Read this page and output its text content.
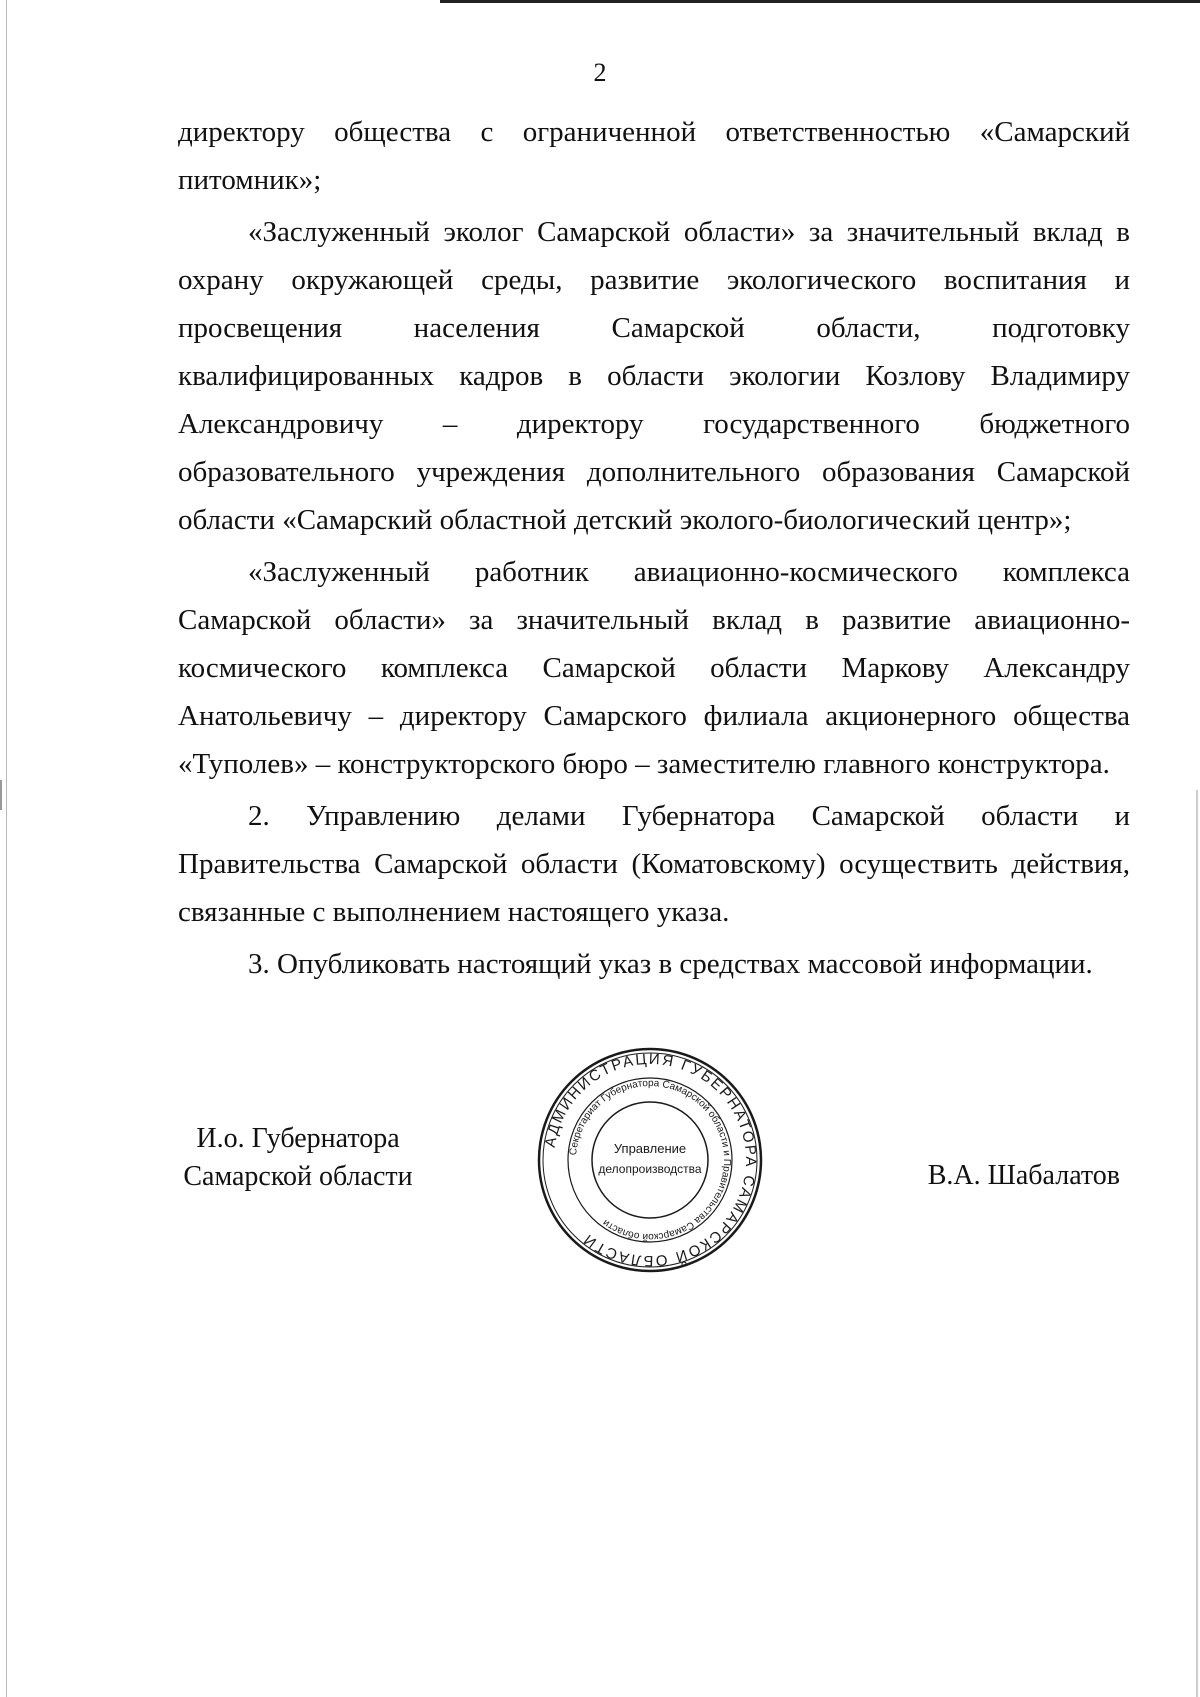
2

директору общества с ограниченной ответственностью «Самарский питомник»;

«Заслуженный эколог Самарской области» за значительный вклад в охрану окружающей среды, развитие экологического воспитания и просвещения населения Самарской области, подготовку квалифицированных кадров в области экологии Козлову Владимиру Александровичу – директору государственного бюджетного образовательного учреждения дополнительного образования Самарской области «Самарский областной детский эколого-биологический центр»;

«Заслуженный работник авиационно-космического комплекса Самарской области» за значительный вклад в развитие авиационно-космического комплекса Самарской области Маркову Александру Анатольевичу – директору Самарского филиала акционерного общества «Туполев» – конструкторского бюро – заместителю главного конструктора.

2. Управлению делами Губернатора Самарской области и Правительства Самарской области (Коматовскому) осуществить действия, связанные с выполнением настоящего указа.

3. Опубликовать настоящий указ в средствах массовой информации.

И.о. Губернатора
Самарской области
АДМИНИСТРАЦИЯ ГУБЕРНАТОРА САМАРСКОЙ ОБЛАСТИ
Секретариат Губернатора Самарской области и Правительства Самарской области
Управление
делопроизводства	В.А. Шабалатов
